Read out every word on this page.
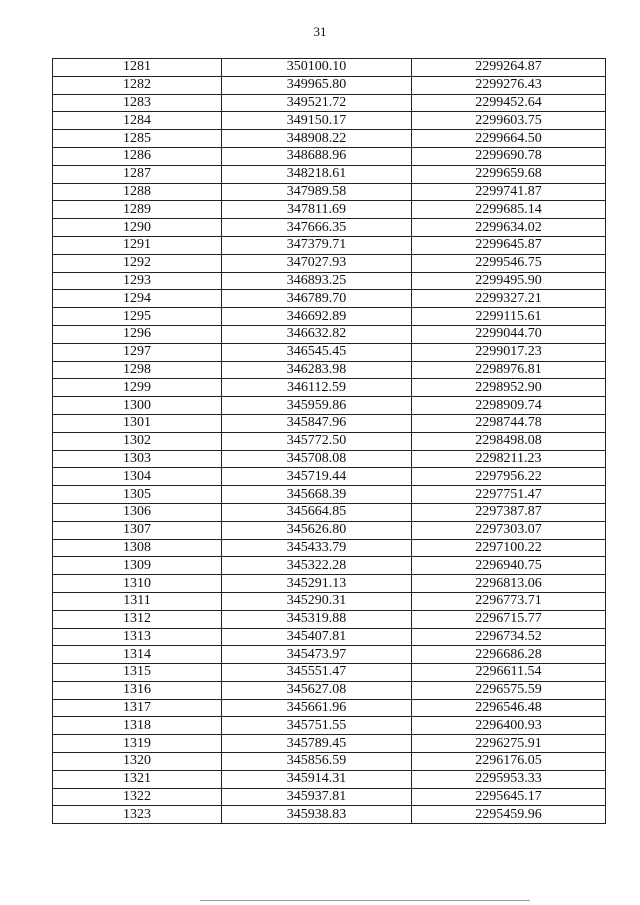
31
1281	350100.10	2299264.87
1282	349965.80	2299276.43
1283	349521.72	2299452.64
1284	349150.17	2299603.75
1285	348908.22	2299664.50
1286	348688.96	2299690.78
1287	348218.61	2299659.68
1288	347989.58	2299741.87
1289	347811.69	2299685.14
1290	347666.35	2299634.02
1291	347379.71	2299645.87
1292	347027.93	2299546.75
1293	346893.25	2299495.90
1294	346789.70	2299327.21
1295	346692.89	2299115.61
1296	346632.82	2299044.70
1297	346545.45	2299017.23
1298	346283.98	2298976.81
1299	346112.59	2298952.90
1300	345959.86	2298909.74
1301	345847.96	2298744.78
1302	345772.50	2298498.08
1303	345708.08	2298211.23
1304	345719.44	2297956.22
1305	345668.39	2297751.47
1306	345664.85	2297387.87
1307	345626.80	2297303.07
1308	345433.79	2297100.22
1309	345322.28	2296940.75
1310	345291.13	2296813.06
1311	345290.31	2296773.71
1312	345319.88	2296715.77
1313	345407.81	2296734.52
1314	345473.97	2296686.28
1315	345551.47	2296611.54
1316	345627.08	2296575.59
1317	345661.96	2296546.48
1318	345751.55	2296400.93
1319	345789.45	2296275.91
1320	345856.59	2296176.05
1321	345914.31	2295953.33
1322	345937.81	2295645.17
1323	345938.83	2295459.96
